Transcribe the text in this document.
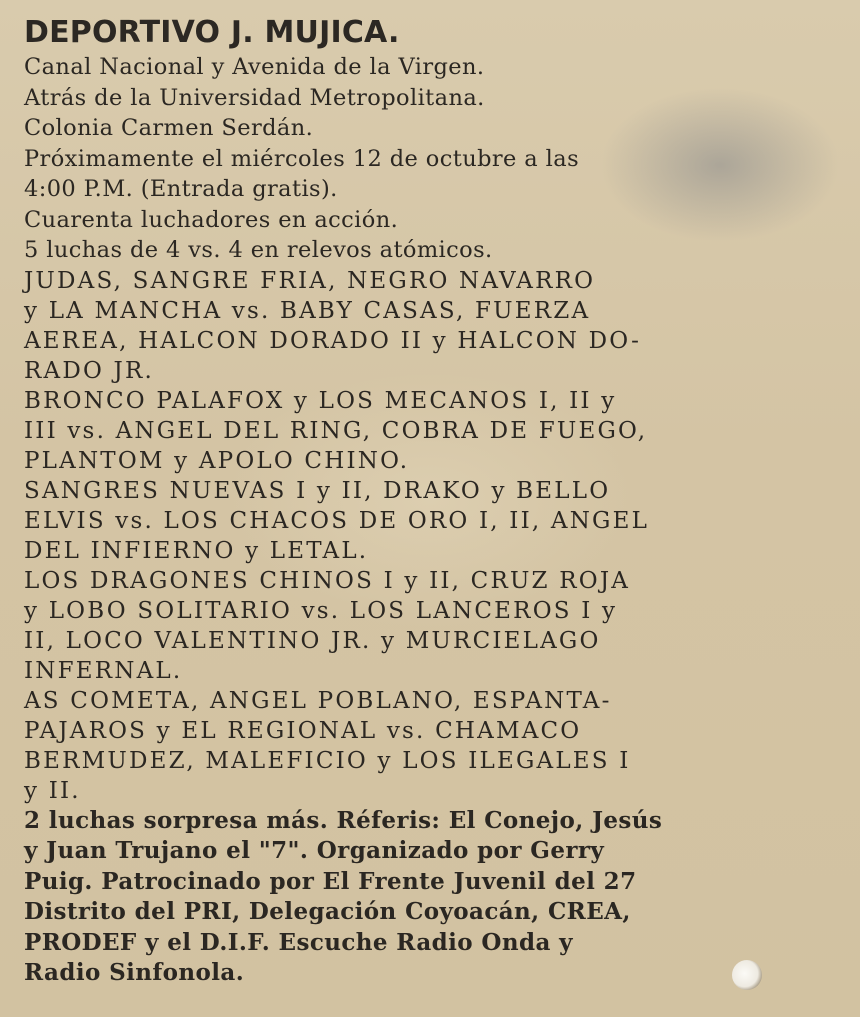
DEPORTIVO J. MUJICA.
Canal Nacional y Avenida de la Virgen.
Atrás de la Universidad Metropolitana.
Colonia Carmen Serdán.
Próximamente el miércoles 12 de octubre a las
4:00 P.M. (Entrada gratis).
Cuarenta luchadores en acción.
5 luchas de 4 vs. 4 en relevos atómicos.
JUDAS, SANGRE FRIA, NEGRO NAVARRO
y LA MANCHA vs. BABY CASAS, FUERZA
AEREA, HALCON DORADO II y HALCON DO-
RADO JR.
BRONCO PALAFOX y LOS MECANOS I, II y
III vs. ANGEL DEL RING, COBRA DE FUEGO,
PLANTOM y APOLO CHINO.
SANGRES NUEVAS I y II, DRAKO y BELLO
ELVIS vs. LOS CHACOS DE ORO I, II, ANGEL
DEL INFIERNO y LETAL.
LOS DRAGONES CHINOS I y II, CRUZ ROJA
y LOBO SOLITARIO vs. LOS LANCEROS I y
II, LOCO VALENTINO JR. y MURCIELAGO
INFERNAL.
AS COMETA, ANGEL POBLANO, ESPANTA-
PAJAROS y EL REGIONAL vs. CHAMACO
BERMUDEZ, MALEFICIO y LOS ILEGALES I
y II.
2 luchas sorpresa más. Réferis: El Conejo, Jesús
y Juan Trujano el "7". Organizado por Gerry
Puig. Patrocinado por El Frente Juvenil del 27
Distrito del PRI, Delegación Coyoacán, CREA,
PRODEF y el D.I.F. Escuche Radio Onda y
Radio Sinfonola.
